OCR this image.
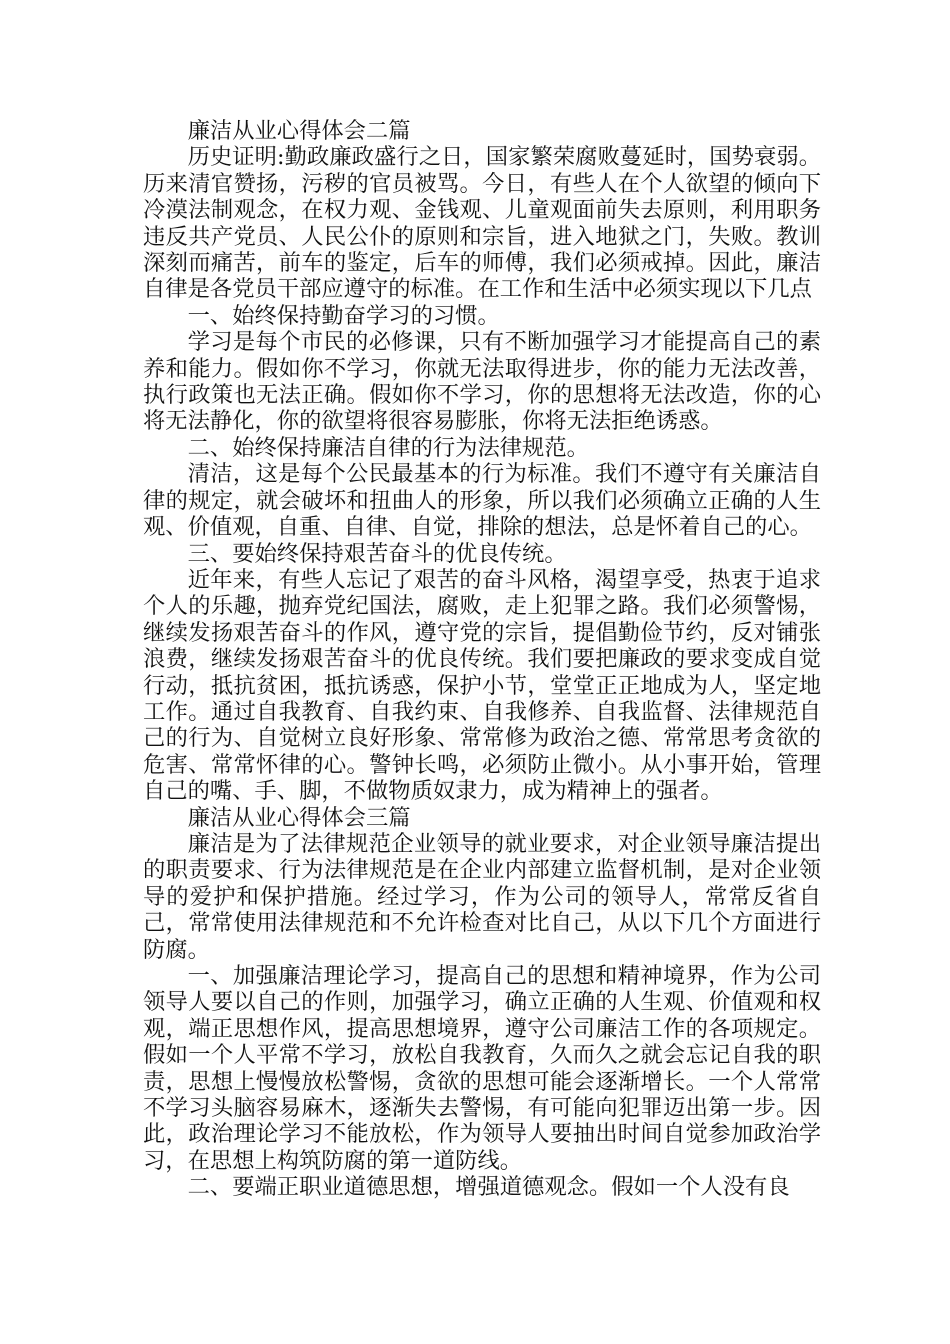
廉洁从业心得体会二篇

历史证明:勤政廉政盛行之日，国家繁荣腐败蔓延时，国势衰弱。历来清官赞扬，污秽的官员被骂。今日，有些人在个人欲望的倾向下冷漠法制观念，在权力观、金钱观、儿童观面前失去原则，利用职务违反共产党员、人民公仆的原则和宗旨，进入地狱之门，失败。教训深刻而痛苦，前车的鉴定，后车的师傅，我们必须戒掉。因此，廉洁自律是各党员干部应遵守的标准。在工作和生活中必须实现以下几点

一、始终保持勤奋学习的习惯。

学习是每个市民的必修课，只有不断加强学习才能提高自己的素养和能力。假如你不学习，你就无法取得进步，你的能力无法改善，执行政策也无法正确。假如你不学习，你的思想将无法改造，你的心将无法静化，你的欲望将很容易膨胀，你将无法拒绝诱惑。

二、始终保持廉洁自律的行为法律规范。

清洁，这是每个公民最基本的行为标准。我们不遵守有关廉洁自律的规定，就会破坏和扭曲人的形象，所以我们必须确立正确的人生观、价值观，自重、自律、自觉，排除的想法，总是怀着自己的心。

三、要始终保持艰苦奋斗的优良传统。

近年来，有些人忘记了艰苦的奋斗风格，渴望享受，热衷于追求个人的乐趣，抛弃党纪国法，腐败，走上犯罪之路。我们必须警惕，继续发扬艰苦奋斗的作风，遵守党的宗旨，提倡勤俭节约，反对铺张浪费，继续发扬艰苦奋斗的优良传统。我们要把廉政的要求变成自觉行动，抵抗贫困，抵抗诱惑，保护小节，堂堂正正地成为人，坚定地工作。通过自我教育、自我约束、自我修养、自我监督、法律规范自己的行为、自觉树立良好形象、常常修为政治之德、常常思考贪欲的危害、常常怀律的心。警钟长鸣，必须防止微小。从小事开始，管理自己的嘴、手、脚，不做物质奴隶力，成为精神上的强者。

廉洁从业心得体会三篇

廉洁是为了法律规范企业领导的就业要求，对企业领导廉洁提出的职责要求、行为法律规范是在企业内部建立监督机制，是对企业领导的爱护和保护措施。经过学习，作为公司的领导人，常常反省自己，常常使用法律规范和不允许检查对比自己，从以下几个方面进行防腐。

一、加强廉洁理论学习，提高自己的思想和精神境界，作为公司领导人要以自己的作则，加强学习，确立正确的人生观、价值观和权观，端正思想作风，提高思想境界，遵守公司廉洁工作的各项规定。假如一个人平常不学习，放松自我教育，久而久之就会忘记自我的职责，思想上慢慢放松警惕，贪欲的思想可能会逐渐增长。一个人常常不学习头脑容易麻木，逐渐失去警惕，有可能向犯罪迈出第一步。因此，政治理论学习不能放松，作为领导人要抽出时间自觉参加政治学习，在思想上构筑防腐的第一道防线。

二、要端正职业道德思想，增强道德观念。假如一个人没有良
